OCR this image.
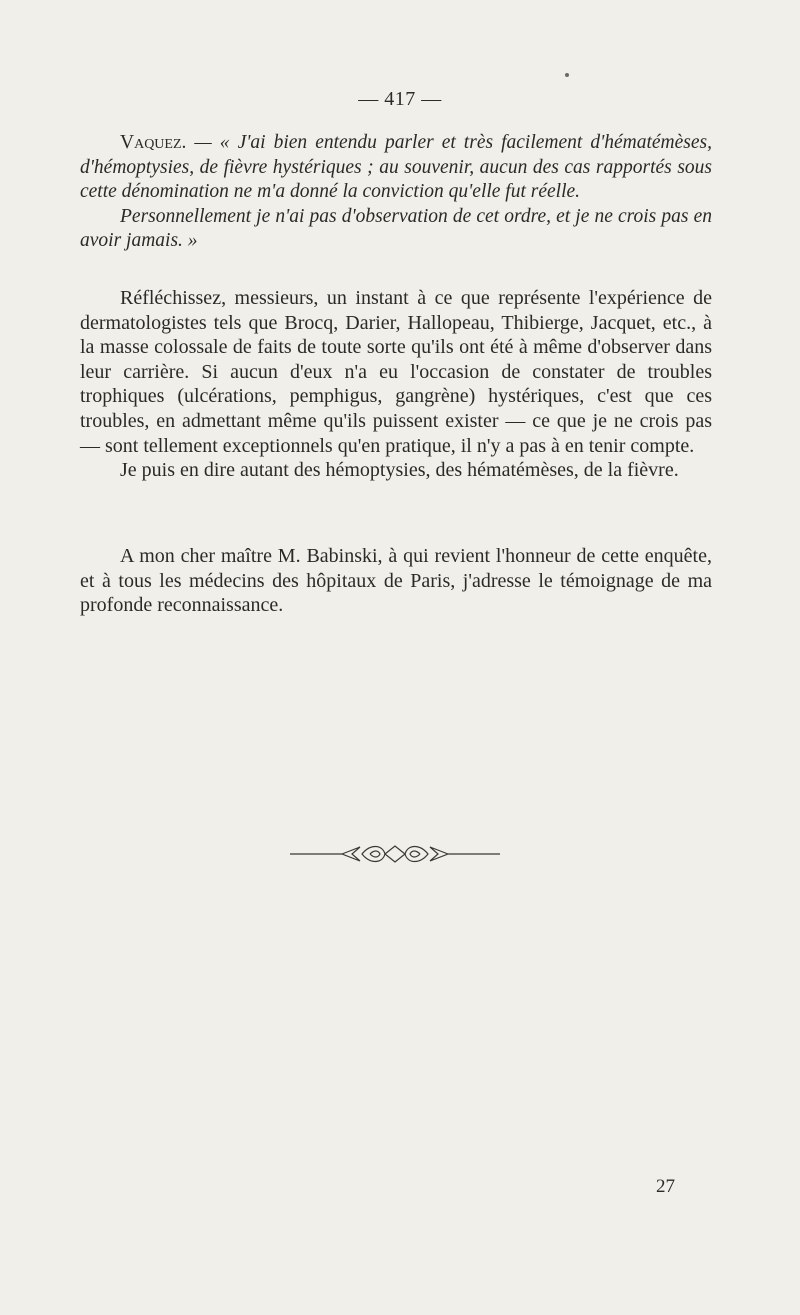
— 417 —

Vaquez. — « J'ai bien entendu parler et très facilement d'hématémèses, d'hémoptysies, de fièvre hystériques ; au souvenir, aucun des cas rapportés sous cette dénomination ne m'a donné la conviction qu'elle fut réelle.

Personnellement je n'ai pas d'observation de cet ordre, et je ne crois pas en avoir jamais. »

Réfléchissez, messieurs, un instant à ce que représente l'expérience de dermatologistes tels que Brocq, Darier, Hallopeau, Thibierge, Jacquet, etc., à la masse colossale de faits de toute sorte qu'ils ont été à même d'observer dans leur carrière. Si aucun d'eux n'a eu l'occasion de constater de troubles trophiques (ulcérations, pemphigus, gangrène) hystériques, c'est que ces troubles, en admettant même qu'ils puissent exister — ce que je ne crois pas — sont tellement exceptionnels qu'en pratique, il n'y a pas à en tenir compte.

Je puis en dire autant des hémoptysies, des hématémèses, de la fièvre.

A mon cher maître M. Babinski, à qui revient l'honneur de cette enquête, et à tous les médecins des hôpitaux de Paris, j'adresse le témoignage de ma profonde reconnaissance.

27
